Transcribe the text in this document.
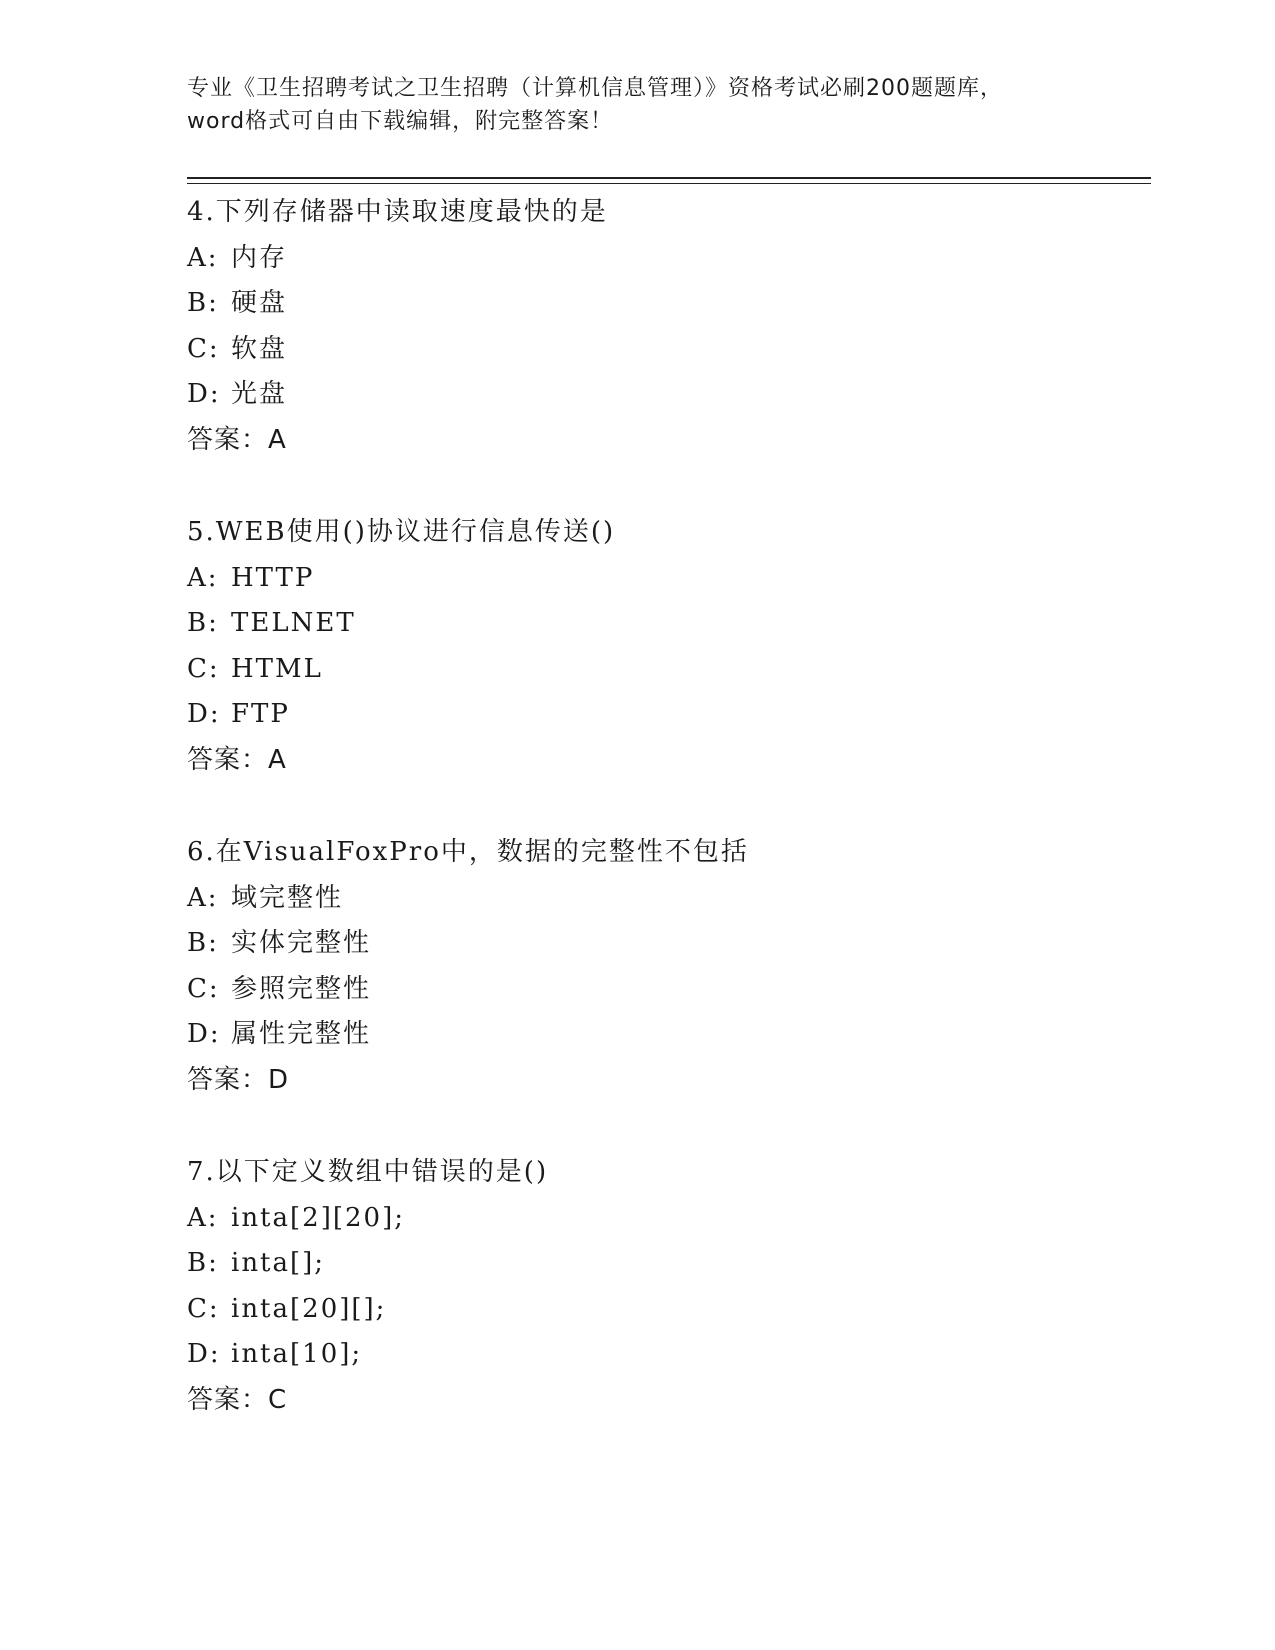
专业《卫生招聘考试之卫生招聘（计算机信息管理）》资格考试必刷200题题库，
word格式可自由下载编辑，附完整答案！
4.下列存储器中读取速度最快的是
A: 内存
B: 硬盘
C: 软盘
D: 光盘
答案：A
5.WEB使用()协议进行信息传送()
A: HTTP
B: TELNET
C: HTML
D: FTP
答案：A
6.在VisualFoxPro中，数据的完整性不包括
A: 域完整性
B: 实体完整性
C: 参照完整性
D: 属性完整性
答案：D
7.以下定义数组中错误的是()
A: inta[2][20];
B: inta[];
C: inta[20][];
D: inta[10];
答案：C
